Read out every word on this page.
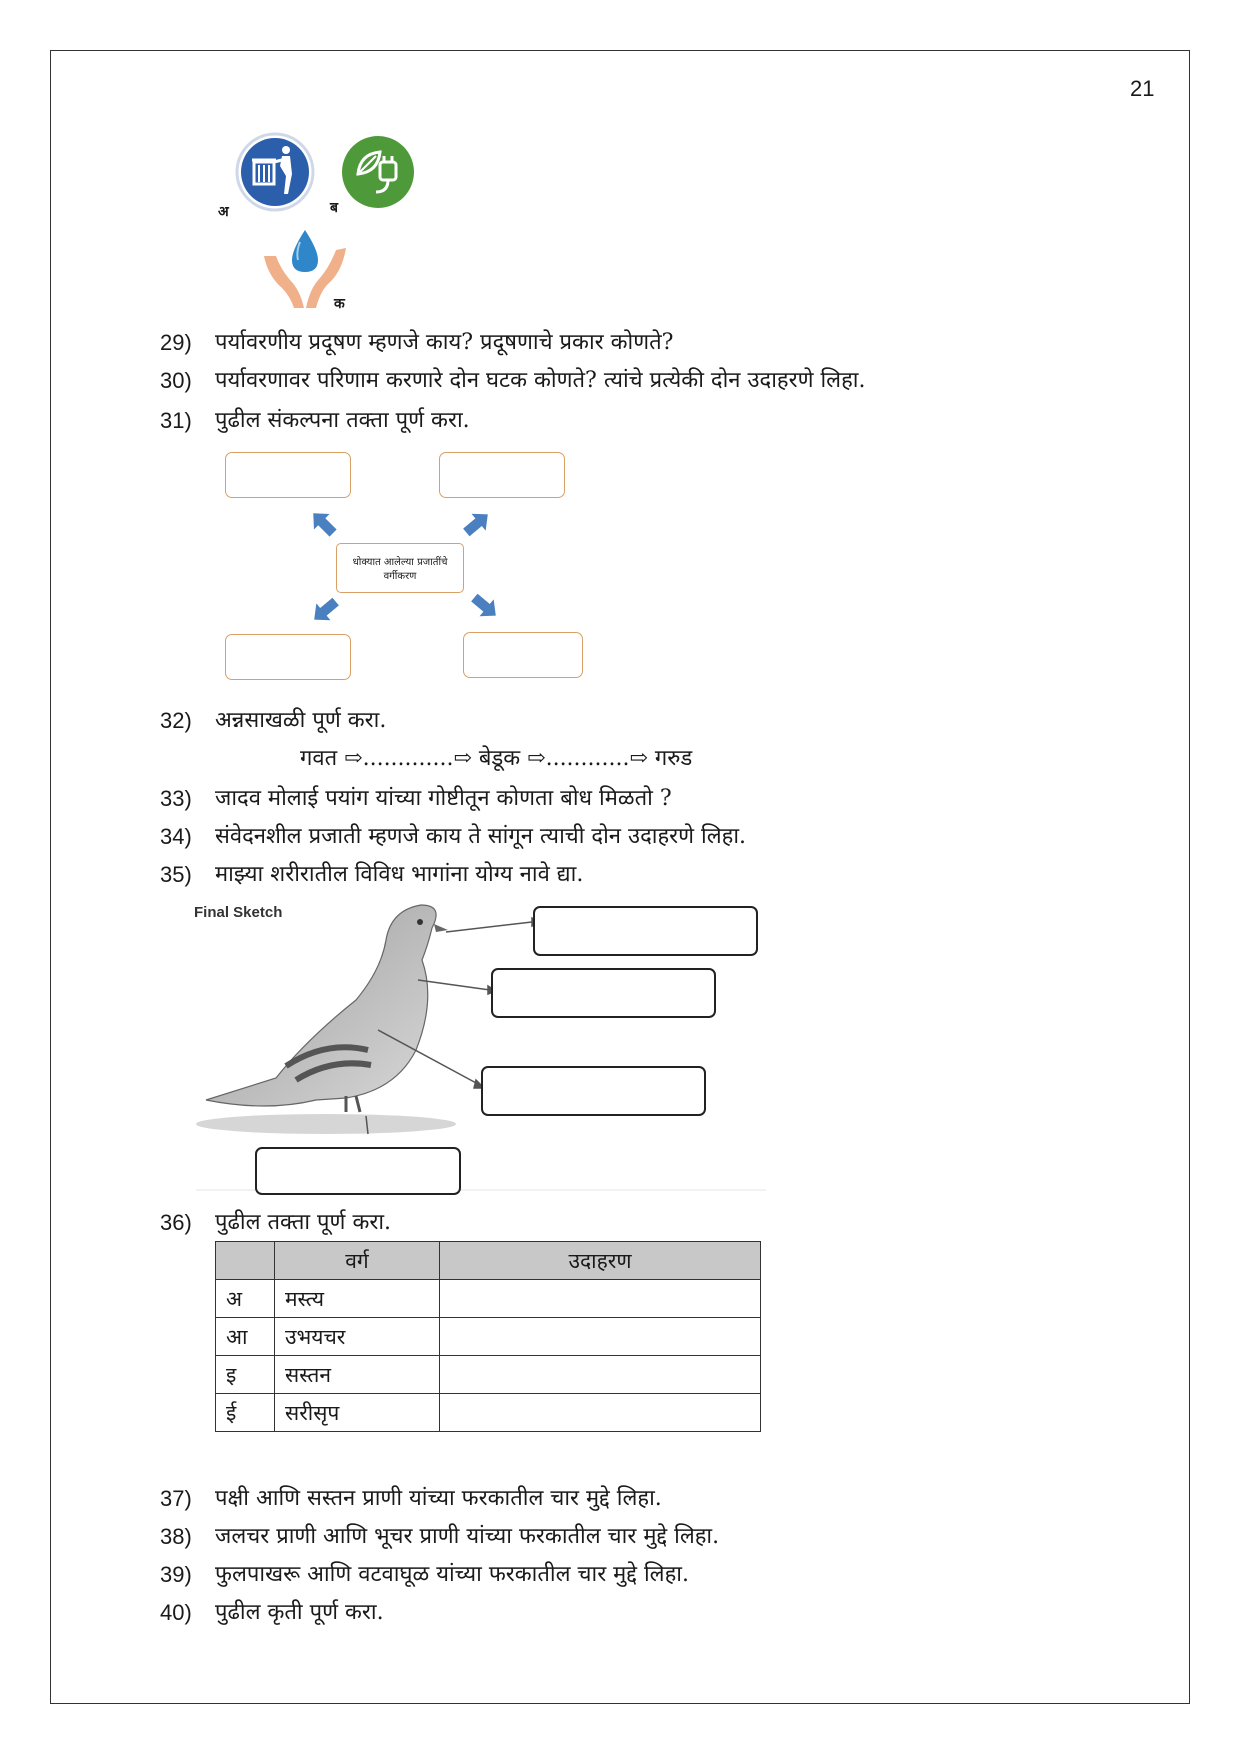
21
अ	ब
क
29)	पर्यावरणीय प्रदूषण म्हणजे काय? प्रदूषणाचे प्रकार कोणते?
30)	पर्यावरणावर परिणाम करणारे दोन घटक कोणते? त्यांचे प्रत्येकी दोन उदाहरणे लिहा.
31)	पुढील संकल्पना तक्ता पूर्ण करा.
धोक्यात आलेल्या प्रजातींचे वर्गीकरण
32)	अन्नसाखळी पूर्ण करा.
गवत ⇨.............⇨ बेडूक ⇨............⇨ गरुड
33)	जादव मोलाई पयांग यांच्या गोष्टीतून कोणता बोध मिळतो ?
34)	संवेदनशील प्रजाती म्हणजे काय ते सांगून त्याची दोन उदाहरणे लिहा.
35)	माझ्या शरीरातील विविध भागांना योग्य नावे द्या.
Final Sketch
36)	पुढील तक्ता पूर्ण करा.
	वर्ग	उदाहरण
अ	मस्त्य	
आ	उभयचर	
इ	सस्तन	
ई	सरीसृप	
37)	पक्षी आणि सस्तन प्राणी यांच्या फरकातील चार मुद्दे लिहा.
38)	जलचर प्राणी आणि भूचर प्राणी यांच्या फरकातील चार मुद्दे लिहा.
39)	फुलपाखरू आणि वटवाघूळ यांच्या फरकातील चार मुद्दे लिहा.
40)	पुढील कृती पूर्ण करा.
